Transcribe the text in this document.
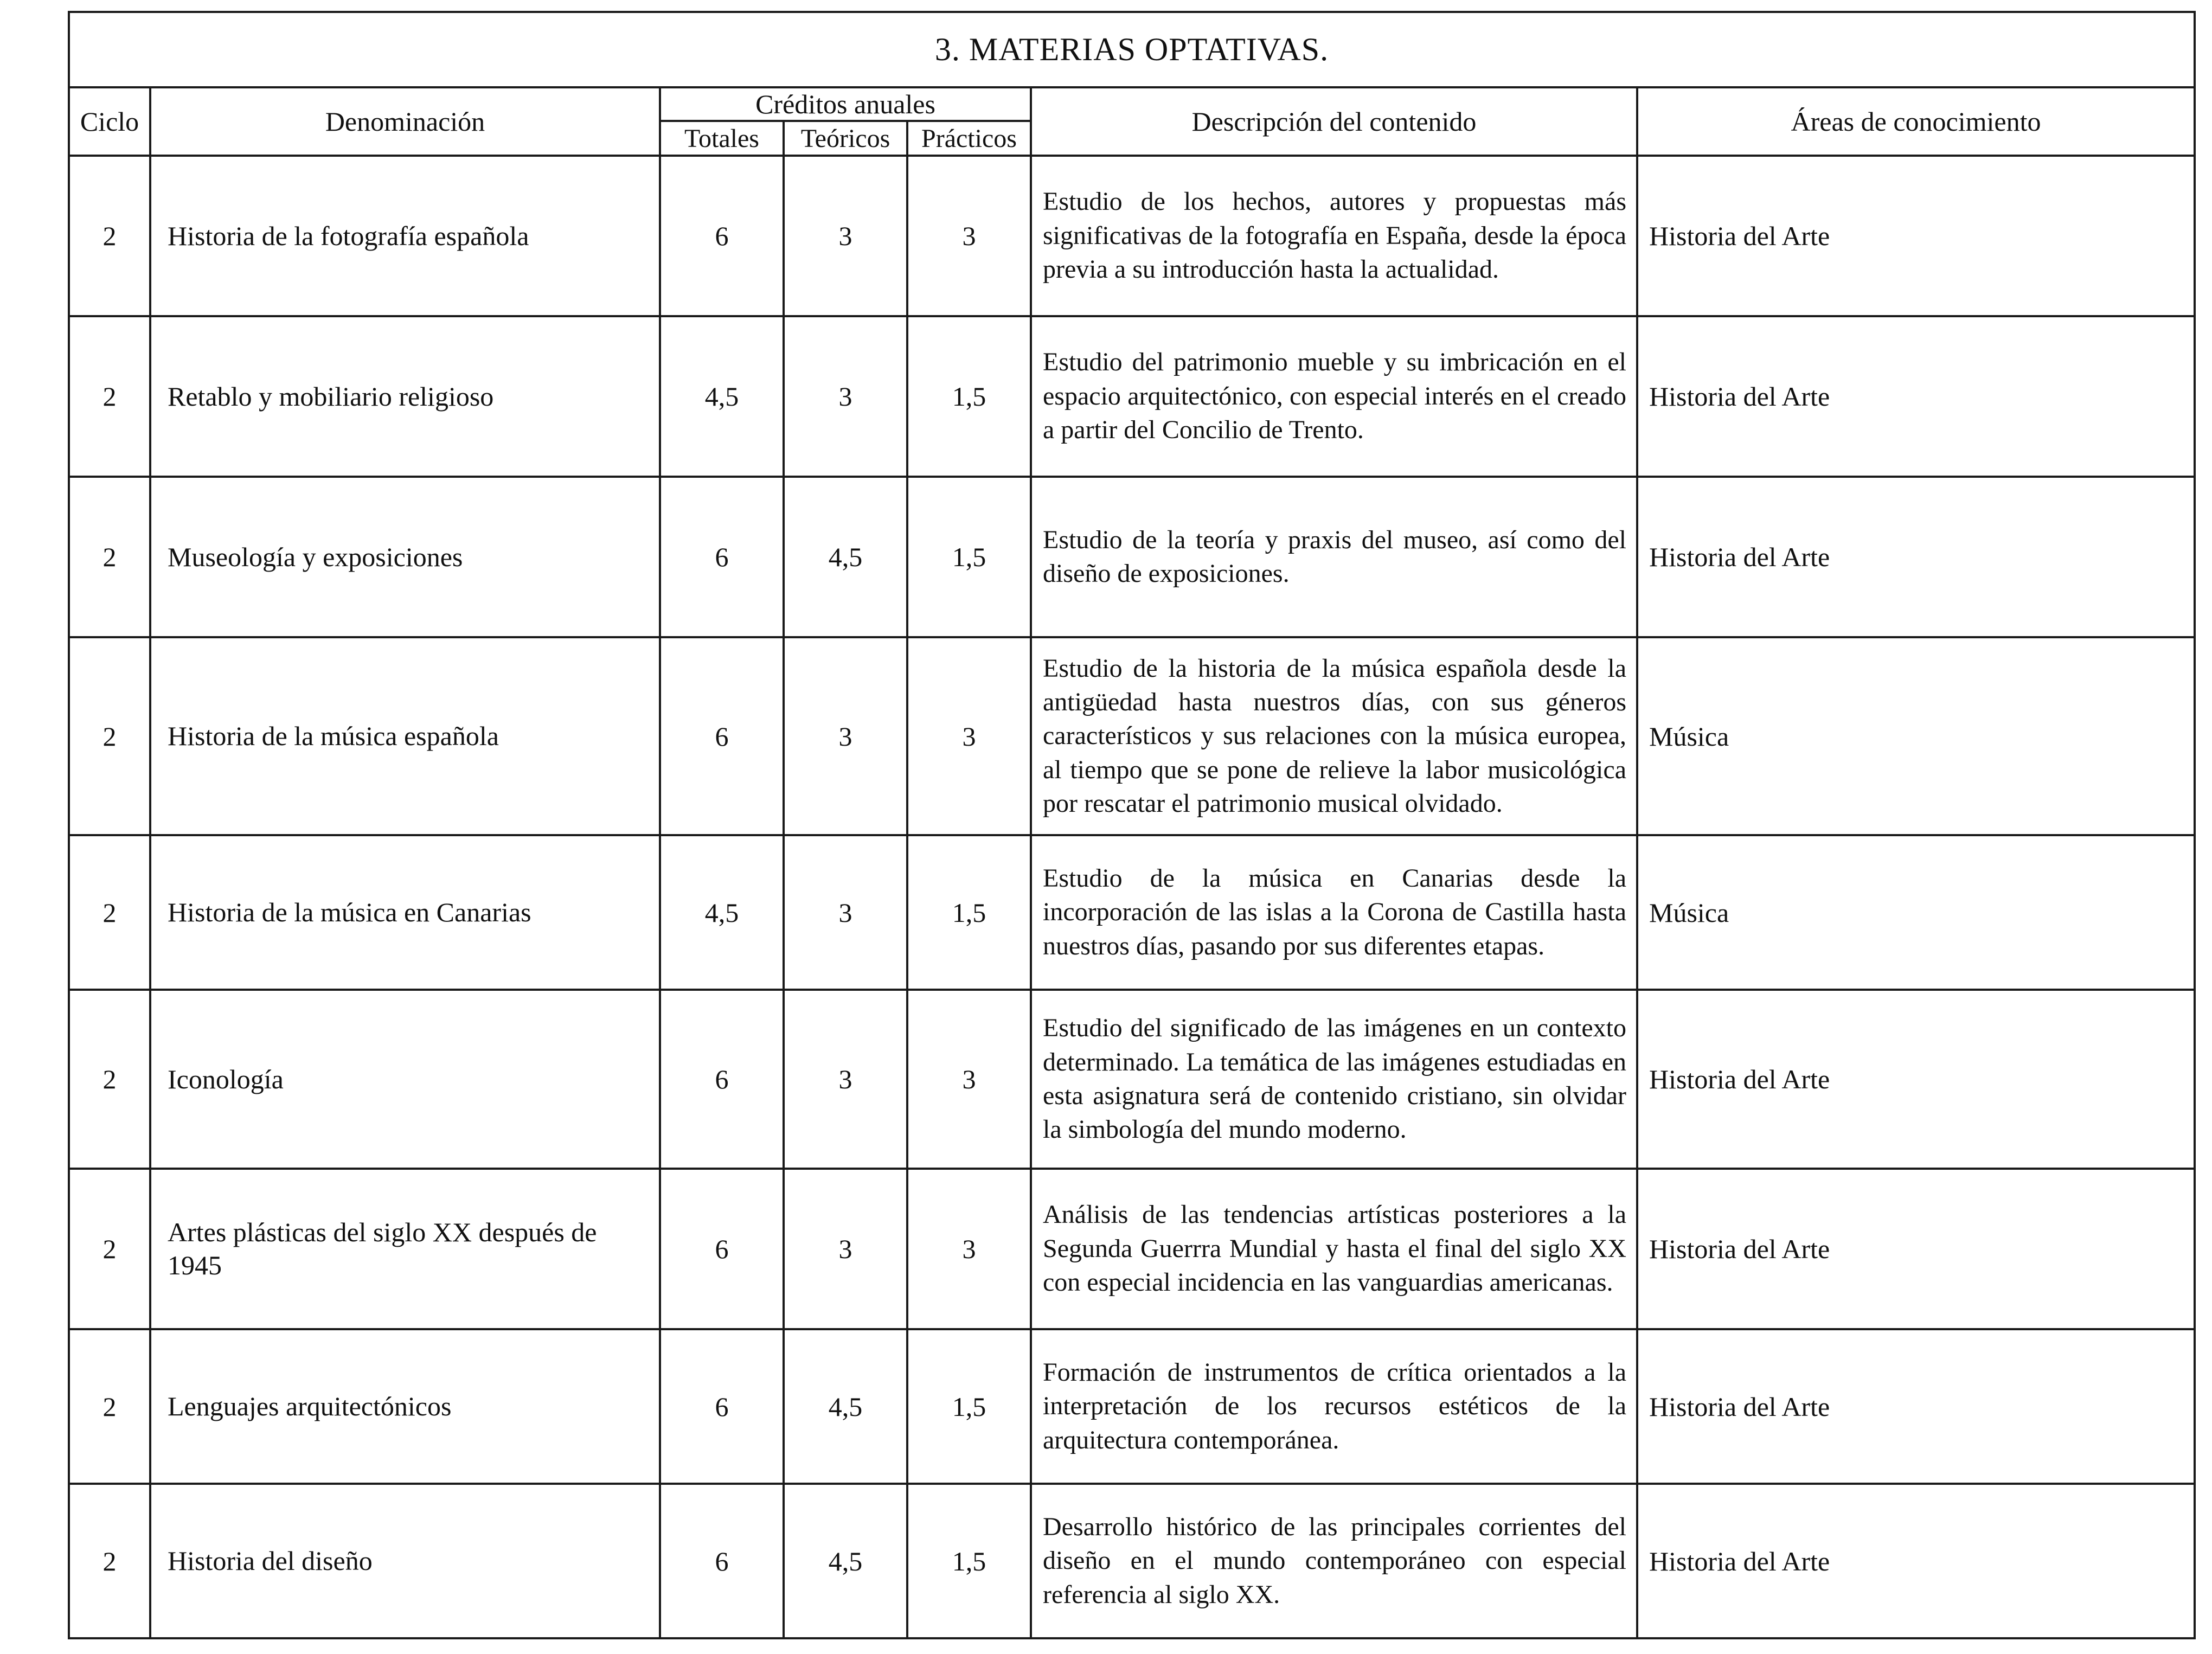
3. MATERIAS OPTATIVAS.						
Ciclo	Denominación	Créditos anuales			Descripción del contenido	Áreas de conocimiento
		Totales	Teóricos	Prácticos		
2	Historia de la fotografía española	6	3	3	Estudio de los hechos, autores y propuestas más significativas de la fotografía en España, desde la época previa a su introducción hasta la actualidad.	Historia del Arte
2	Retablo y mobiliario religioso	4,5	3	1,5	Estudio del patrimonio mueble y su imbricación en el espacio arquitectónico, con especial interés en el creado a partir del Concilio de Trento.	Historia del Arte
2	Museología y exposiciones	6	4,5	1,5	Estudio de la teoría y praxis del museo, así como del diseño de exposiciones.	Historia del Arte
2	Historia de la música española	6	3	3	Estudio de la historia de la música española desde la antigüedad hasta nuestros días, con sus géneros característicos y sus relaciones con la música europea, al tiempo que se pone de relieve la labor musicológica por rescatar el patrimonio musical olvidado.	Música
2	Historia de la música en Canarias	4,5	3	1,5	Estudio de la música en Canarias desde la incorporación de las islas a la Corona de Castilla hasta nuestros días, pasando por sus diferentes etapas.	Música
2	Iconología	6	3	3	Estudio del significado de las imágenes en un contexto determinado. La temática de las imágenes estudiadas en esta asignatura será de contenido cristiano, sin olvidar la simbología del mundo moderno.	Historia del Arte
2	Artes plásticas del siglo XX después de 1945	6	3	3	Análisis de las tendencias artísticas posteriores a la Segunda Guerrra Mundial y hasta el final del siglo XX con especial incidencia en las vanguardias americanas.	Historia del Arte
2	Lenguajes arquitectónicos	6	4,5	1,5	Formación de instrumentos de crítica orientados a la interpretación de los recursos estéticos de la arquitectura contemporánea.	Historia del Arte
2	Historia del diseño	6	4,5	1,5	Desarrollo histórico de las principales corrientes del diseño en el mundo contemporáneo con especial referencia al siglo XX.	Historia del Arte
